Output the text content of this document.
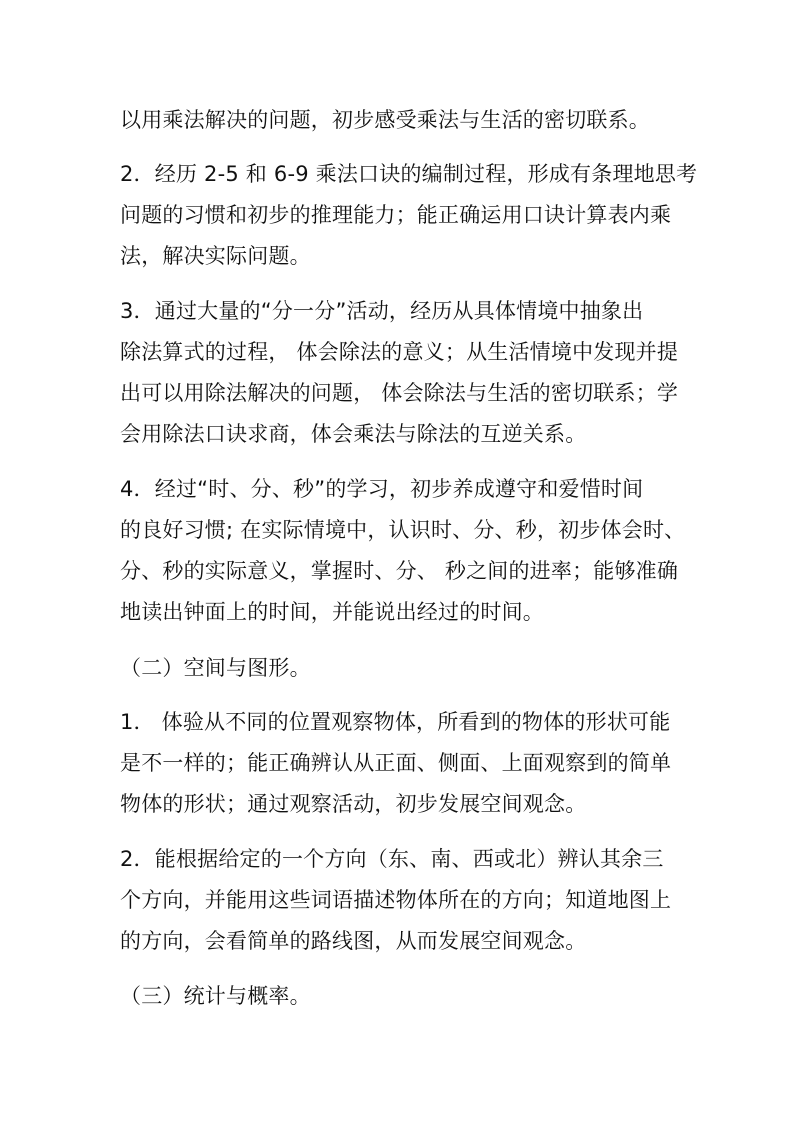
以用乘法解决的问题，初步感受乘法与生活的密切联系。
2．经历 2-5 和 6-9 乘法口诀的编制过程，形成有条理地思考
问题的习惯和初步的推理能力；能正确运用口诀计算表内乘
法，解决实际问题。
3．通过大量的“分一分”活动，经历从具体情境中抽象出
除法算式的过程， 体会除法的意义；从生活情境中发现并提
出可以用除法解决的问题， 体会除法与生活的密切联系；学
会用除法口诀求商，体会乘法与除法的互逆关系。
4．经过“时、分、秒”的学习，初步养成遵守和爱惜时间
的良好习惯; 在实际情境中，认识时、分、秒，初步体会时、
分、秒的实际意义，掌握时、分、 秒之间的进率；能够准确
地读出钟面上的时间，并能说出经过的时间。
（二）空间与图形。
1． 体验从不同的位置观察物体，所看到的物体的形状可能
是不一样的；能正确辨认从正面、侧面、上面观察到的简单
物体的形状；通过观察活动，初步发展空间观念。
2．能根据给定的一个方向（东、南、西或北）辨认其余三
个方向，并能用这些词语描述物体所在的方向；知道地图上
的方向，会看简单的路线图，从而发展空间观念。
（三）统计与概率。
